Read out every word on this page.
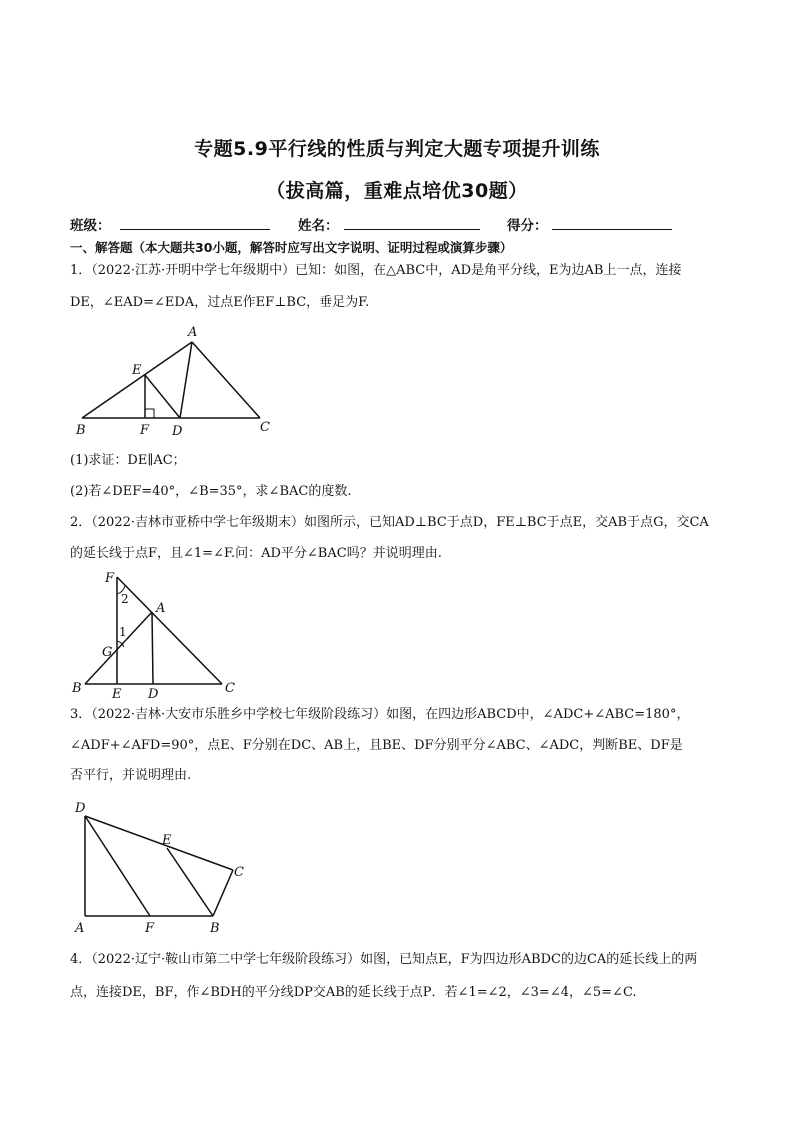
专题5.9平行线的性质与判定大题专项提升训练
（拔高篇，重难点培优30题）
班级：	姓名：	得分：
一、解答题（本大题共30小题，解答时应写出文字说明、证明过程或演算步骤）
1．（2022·江苏·开明中学七年级期中）已知：如图，在△ABC中，AD是角平分线，E为边AB上一点，连接
DE，∠EAD=∠EDA，过点E作EF⊥BC，垂足为F.
A
E
B	F D	C
(1)求证：DE∥AC；
(2)若∠DEF=40°，∠B=35°，求∠BAC的度数.
2．（2022·吉林市亚桥中学七年级期末）如图所示，已知AD⊥BC于点D，FE⊥BC于点E，交AB于点G，交CA
的延长线于点F，且∠1=∠F.问：AD平分∠BAC吗？并说明理由.
F
2
A
1
G
B E D	C
3．（2022·吉林·大安市乐胜乡中学校七年级阶段练习）如图，在四边形ABCD中，∠ADC+∠ABC=180°，
∠ADF+∠AFD=90°，点E、F分别在DC、AB上，且BE、DF分别平分∠ABC、∠ADC，判断BE、DF是
否平行，并说明理由.
D
E
C
A	F	B
4．（2022·辽宁·鞍山市第二中学七年级阶段练习）如图，已知点E，F为四边形ABDC的边CA的延长线上的两
点，连接DE，BF，作∠BDH的平分线DP交AB的延长线于点P．若∠1=∠2，∠3=∠4，∠5=∠C.
